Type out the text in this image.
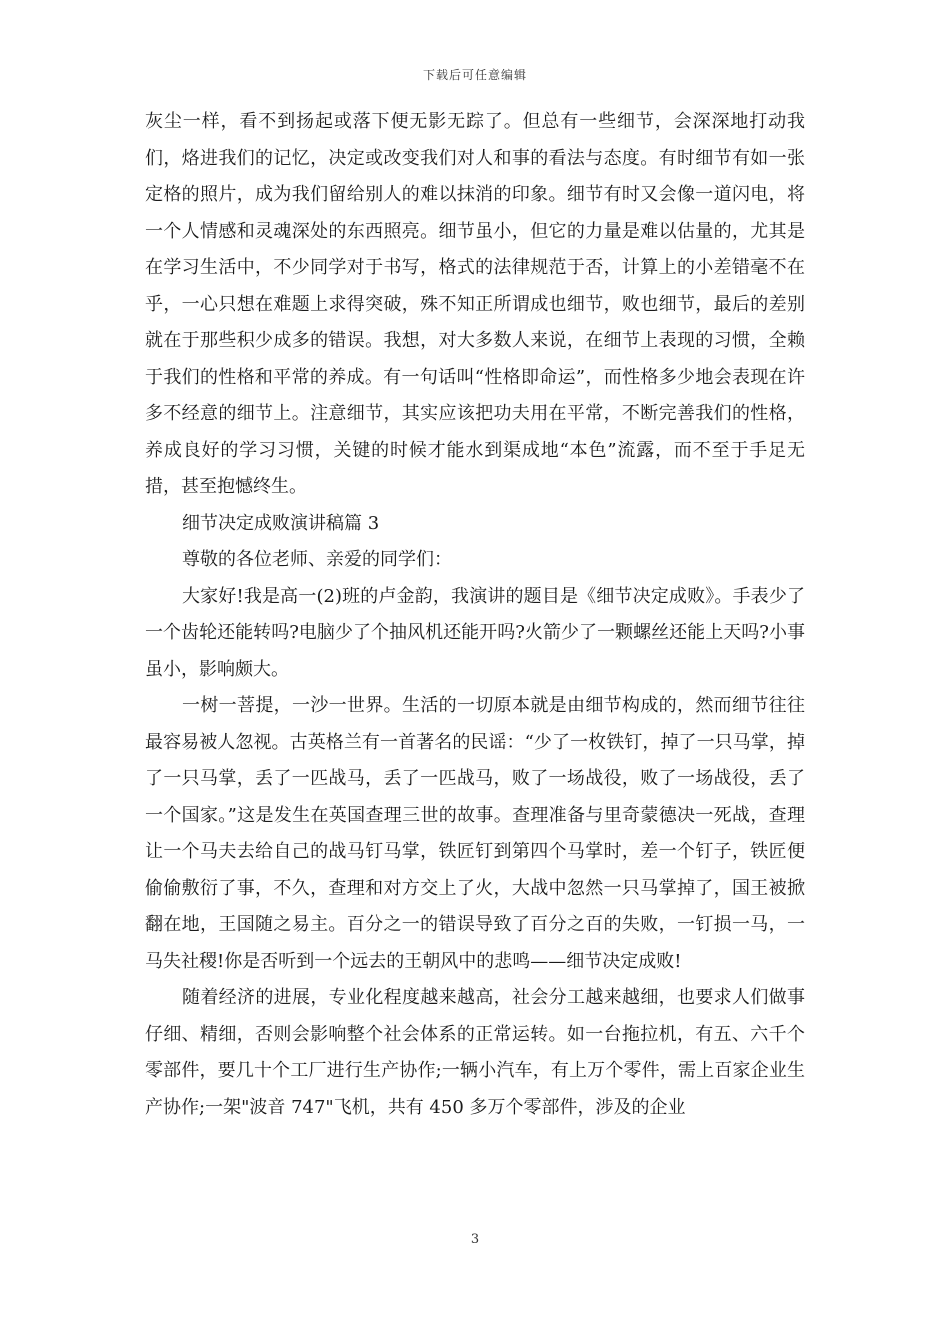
下载后可任意编辑

灰尘一样，看不到扬起或落下便无影无踪了。但总有一些细节，会深深地打动我们，烙进我们的记忆，决定或改变我们对人和事的看法与态度。有时细节有如一张定格的照片，成为我们留给别人的难以抹消的印象。细节有时又会像一道闪电，将一个人情感和灵魂深处的东西照亮。细节虽小，但它的力量是难以估量的，尤其是在学习生活中，不少同学对于书写，格式的法律规范于否，计算上的小差错毫不在乎，一心只想在难题上求得突破，殊不知正所谓成也细节，败也细节，最后的差别就在于那些积少成多的错误。我想，对大多数人来说，在细节上表现的习惯，全赖于我们的性格和平常的养成。有一句话叫“性格即命运”，而性格多少地会表现在许多不经意的细节上。注意细节，其实应该把功夫用在平常，不断完善我们的性格，养成良好的学习习惯，关键的时候才能水到渠成地“本色”流露，而不至于手足无措，甚至抱憾终生。

细节决定成败演讲稿篇 3

尊敬的各位老师、亲爱的同学们：

大家好!我是高一(2)班的卢金韵，我演讲的题目是《细节决定成败》。手表少了一个齿轮还能转吗?电脑少了个抽风机还能开吗?火箭少了一颗螺丝还能上天吗?小事虽小，影响颇大。

一树一菩提，一沙一世界。生活的一切原本就是由细节构成的，然而细节往往最容易被人忽视。古英格兰有一首著名的民谣：“少了一枚铁钉，掉了一只马掌，掉了一只马掌，丢了一匹战马，丢了一匹战马，败了一场战役，败了一场战役，丢了一个国家。”这是发生在英国查理三世的故事。查理准备与里奇蒙德决一死战，查理让一个马夫去给自己的战马钉马掌，铁匠钉到第四个马掌时，差一个钉子，铁匠便偷偷敷衍了事，不久，查理和对方交上了火，大战中忽然一只马掌掉了，国王被掀翻在地，王国随之易主。百分之一的错误导致了百分之百的失败，一钉损一马，一马失社稷!你是否听到一个远去的王朝风中的悲鸣——细节决定成败!

随着经济的进展，专业化程度越来越高，社会分工越来越细，也要求人们做事仔细、精细，否则会影响整个社会体系的正常运转。如一台拖拉机，有五、六千个零部件，要几十个工厂进行生产协作;一辆小汽车，有上万个零件，需上百家企业生产协作;一架"波音 747"飞机，共有 450 多万个零部件，涉及的企业

3
